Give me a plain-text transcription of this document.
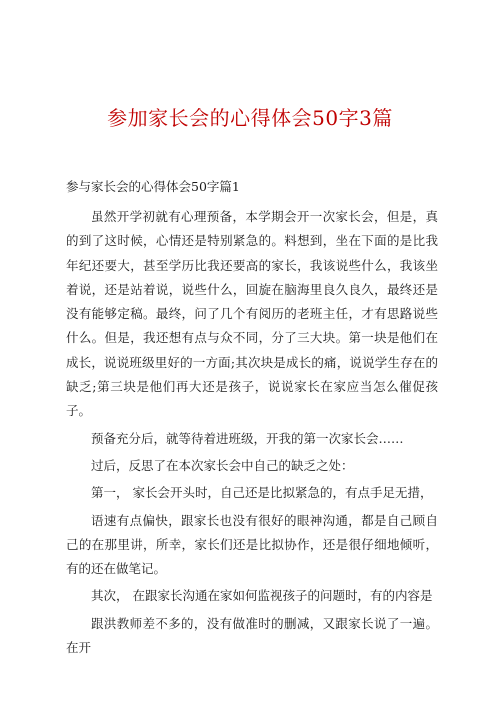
参加家长会的心得体会50字3篇

参与家长会的心得体会50字篇1

虽然开学初就有心理预备，本学期会开一次家长会，但是，真的到了这时候，心情还是特别紧急的。料想到，坐在下面的是比我年纪还要大，甚至学历比我还要高的家长，我该说些什么，我该坐着说，还是站着说，说些什么，回旋在脑海里良久良久，最终还是没有能够定稿。最终，问了几个有阅历的老班主任，才有思路说些什么。但是，我还想有点与众不同，分了三大块。第一块是他们在成长，说说班级里好的一方面;其次块是成长的痛，说说学生存在的缺乏;第三块是他们再大还是孩子，说说家长在家应当怎么催促孩子。

预备充分后，就等待着进班级，开我的第一次家长会……

过后，反思了在本次家长会中自己的缺乏之处：

第一， 家长会开头时，自己还是比拟紧急的，有点手足无措，

语速有点偏快，跟家长也没有很好的眼神沟通，都是自己顾自己的在那里讲，所幸，家长们还是比拟协作，还是很仔细地倾听，有的还在做笔记。

其次， 在跟家长沟通在家如何监视孩子的问题时，有的内容是

跟洪教师差不多的，没有做准时的删减，又跟家长说了一遍。在开
